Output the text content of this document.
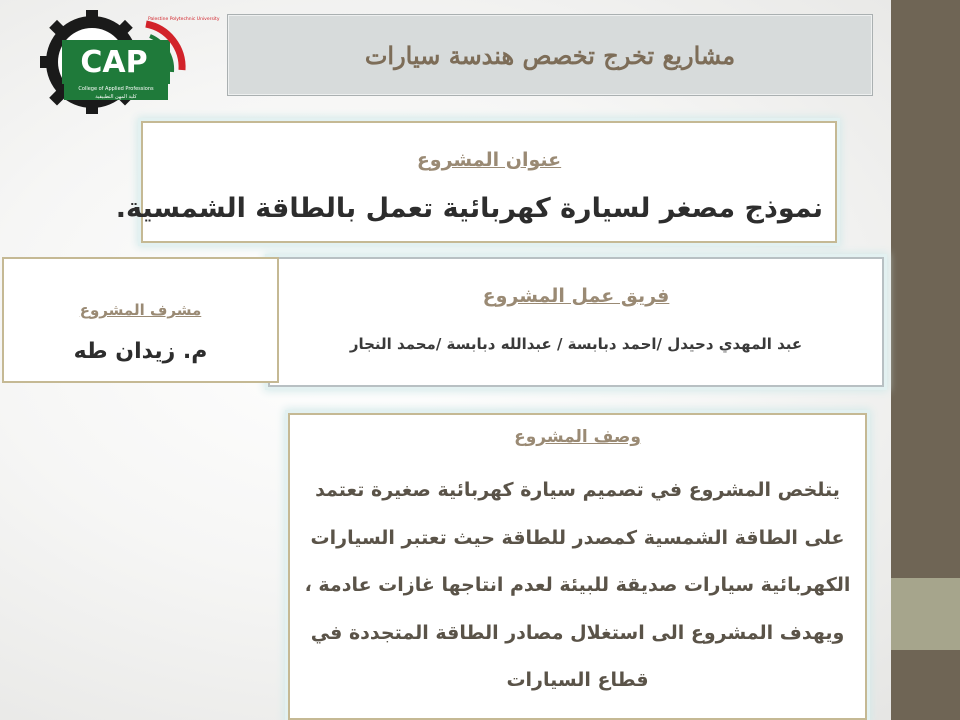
CAP
College of Applied Professions
كلية المهن التطبيقية
Palestine Polytechnic University
مشاريع تخرج تخصص هندسة سيارات
عنوان المشروع
نموذج مصغر لسيارة كهربائية تعمل بالطاقة الشمسية.
فريق عمل المشروع
عبد المهدي دحيدل /احمد دبابسة / عبدالله دبابسة /محمد النجار
مشرف المشروع
م. زيدان طه
وصف المشروع
يتلخص المشروع في تصميم سيارة كهربائية صغيرة تعتمد على الطاقة الشمسية كمصدر للطاقة حيث تعتبر السيارات الكهربائية سيارات صديقة للبيئة لعدم انتاجها غازات عادمة ، ويهدف المشروع الى استغلال مصادر الطاقة المتجددة في قطاع السيارات
